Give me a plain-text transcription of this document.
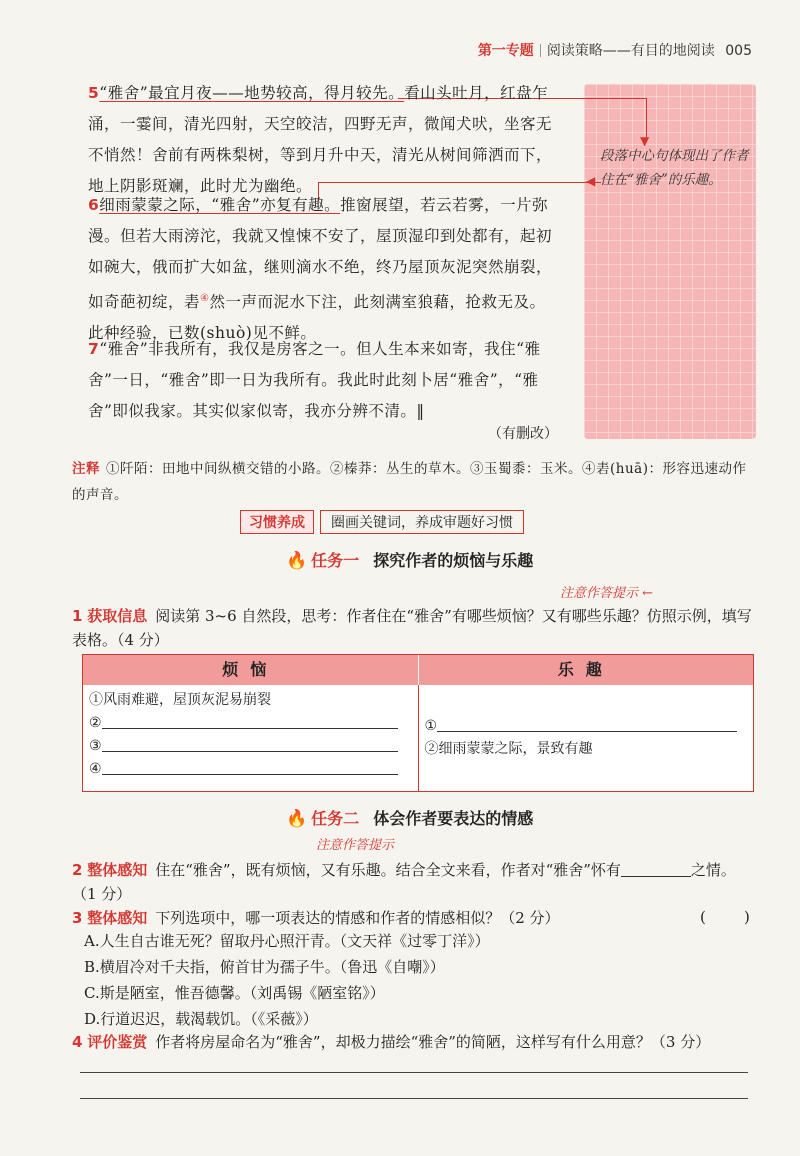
第一专题 阅读策略——有目的地阅读 005
段落中心句体现出了作者住在“雅舍”的乐趣。
▼
◀
5“雅舍”最宜月夜——地势较高，得月较先。看山头吐月，红盘乍涌，一霎间，清光四射，天空皎洁，四野无声，微闻犬吠，坐客无不悄然！舍前有两株梨树，等到月升中天，清光从树间筛洒而下，地上阴影斑斓，此时尤为幽绝。
6细雨蒙蒙之际，“雅舍”亦复有趣。推窗展望，若云若雾，一片弥漫。但若大雨滂沱，我就又惶悚不安了，屋顶湿印到处都有，起初如碗大，俄而扩大如盆，继则滴水不绝，终乃屋顶灰泥突然崩裂，如奇葩初绽，砉④然一声而泥水下注，此刻满室狼藉，抢救无及。此种经验，已数(shuò)见不鲜。
7“雅舍”非我所有，我仅是房客之一。但人生本来如寄，我住“雅舍”一日，“雅舍”即一日为我所有。我此时此刻卜居“雅舍”，“雅舍”即似我家。其实似家似寄，我亦分辨不清。‖
（有删改）
注释 ①阡陌：田地中间纵横交错的小路。②榛莽：丛生的草木。③玉蜀黍：玉米。④砉(huā)：形容迅速动作的声音。
习惯养成 圈画关键词，养成审题好习惯
🔥 任务一 探究作者的烦恼与乐趣
注意作答提示 ←
1 获取信息 阅读第 3~6 自然段，思考：作者住在“雅舍”有哪些烦恼？又有哪些乐趣？仿照示例，填写表格。（4 分）
烦恼	乐趣
①风雨难避，屋顶灰泥易崩裂
②
③
④
①
②细雨蒙蒙之际，景致有趣
🔥 任务二 体会作者要表达的情感
注意作答提示
2 整体感知 住在“雅舍”，既有烦恼，又有乐趣。结合全文来看，作者对“雅舍”怀有	之情。
（1 分）
3 整体感知 下列选项中，哪一项表达的情感和作者的情感相似？（2 分）	(        )
A.人生自古谁无死？留取丹心照汗青。（文天祥《过零丁洋》）
B.横眉冷对千夫指，俯首甘为孺子牛。（鲁迅《自嘲》）
C.斯是陋室，惟吾德馨。（刘禹锡《陋室铭》）
D.行道迟迟，载渴载饥。（《采薇》）
4 评价鉴赏 作者将房屋命名为“雅舍”，却极力描绘“雅舍”的简陋，这样写有什么用意？（3 分）
